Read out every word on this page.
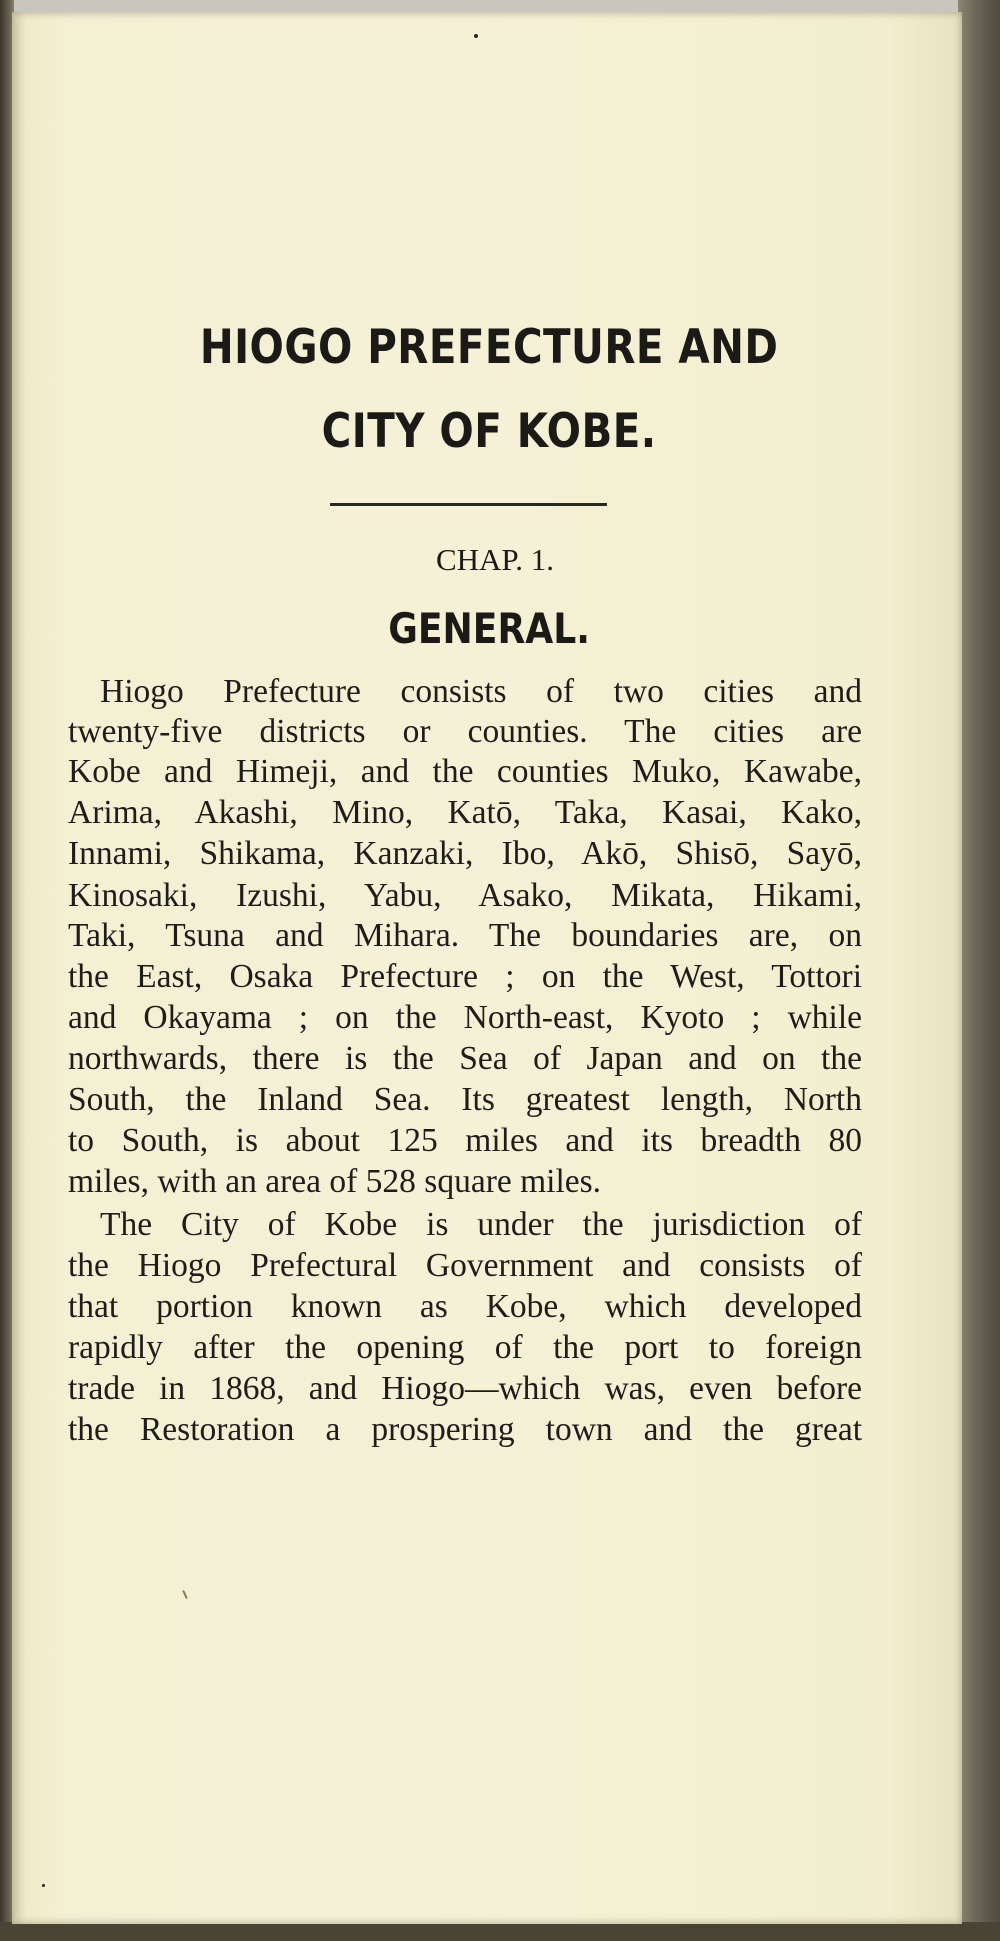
HIOGO PREFECTURE AND
CITY OF KOBE.
CHAP. 1.
GENERAL.
Hiogo Prefecture consists of two cities and
twenty-five districts or counties. The cities are
Kobe and Himeji, and the counties Muko, Kawabe,
Arima, Akashi, Mino, Katō, Taka, Kasai, Kako,
Innami, Shikama, Kanzaki, Ibo, Akō, Shisō, Sayō,
Kinosaki, Izushi, Yabu, Asako, Mikata, Hikami,
Taki, Tsuna and Mihara. The boundaries are, on
the East, Osaka Prefecture ; on the West, Tottori
and Okayama ; on the North-east, Kyoto ; while
northwards, there is the Sea of Japan and on the
South, the Inland Sea. Its greatest length, North
to South, is about 125 miles and its breadth 80
miles, with an area of 528 square miles.
The City of Kobe is under the jurisdiction of
the Hiogo Prefectural Government and consists of
that portion known as Kobe, which developed
rapidly after the opening of the port to foreign
trade in 1868, and Hiogo—which was, even before
the Restoration a prospering town and the great
